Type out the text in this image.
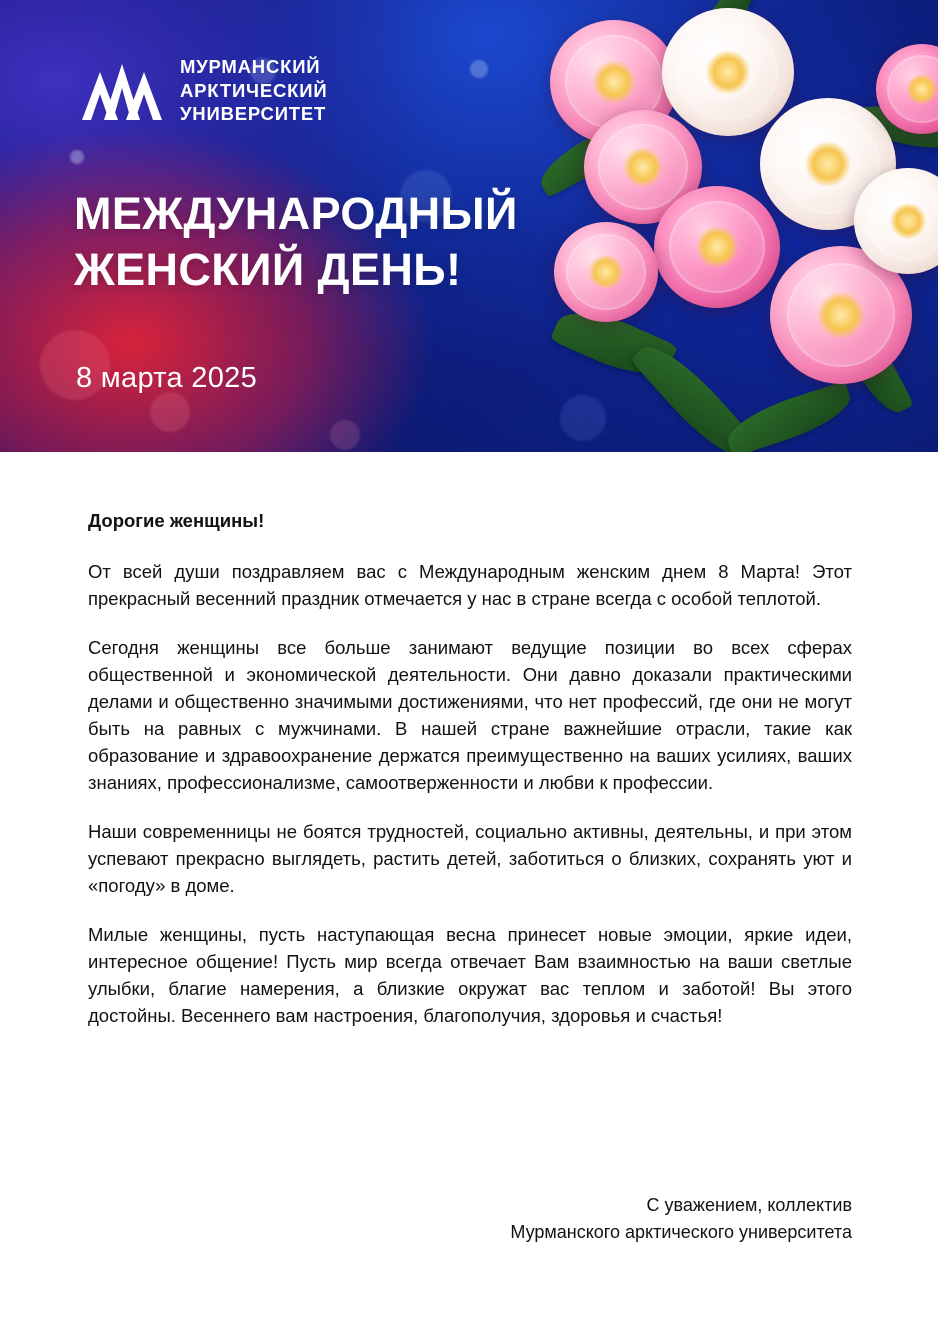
МУРМАНСКИЙ
АРКТИЧЕСКИЙ
УНИВЕРСИТЕТ
МЕЖДУНАРОДНЫЙ
ЖЕНСКИЙ ДЕНЬ!
8 марта 2025
Дорогие женщины!

От всей души поздравляем вас с Международным женским днем 8 Марта! Этот прекрасный весенний праздник отмечается у нас в стране всегда с особой теплотой.

Сегодня женщины все больше занимают ведущие позиции во всех сферах общественной и экономической деятельности. Они давно доказали практическими делами и общественно значимыми достижениями, что нет профессий, где они не могут быть на равных с мужчинами. В нашей стране важнейшие отрасли, такие как образование и здравоохранение держатся преимущественно на ваших усилиях, ваших знаниях, профессионализме, самоотверженности и любви к профессии.

Наши современницы не боятся трудностей, социально активны, деятельны, и при этом успевают прекрасно выглядеть, растить детей, заботиться о близких, сохранять уют и «погоду» в доме.

Милые женщины, пусть наступающая весна принесет новые эмоции, яркие идеи, интересное общение! Пусть мир всегда отвечает Вам взаимностью на ваши светлые улыбки, благие намерения, а близкие окружат вас теплом и заботой! Вы этого достойны. Весеннего вам настроения, благополучия, здоровья и счастья!

С уважением, коллектив
Мурманского арктического университета
